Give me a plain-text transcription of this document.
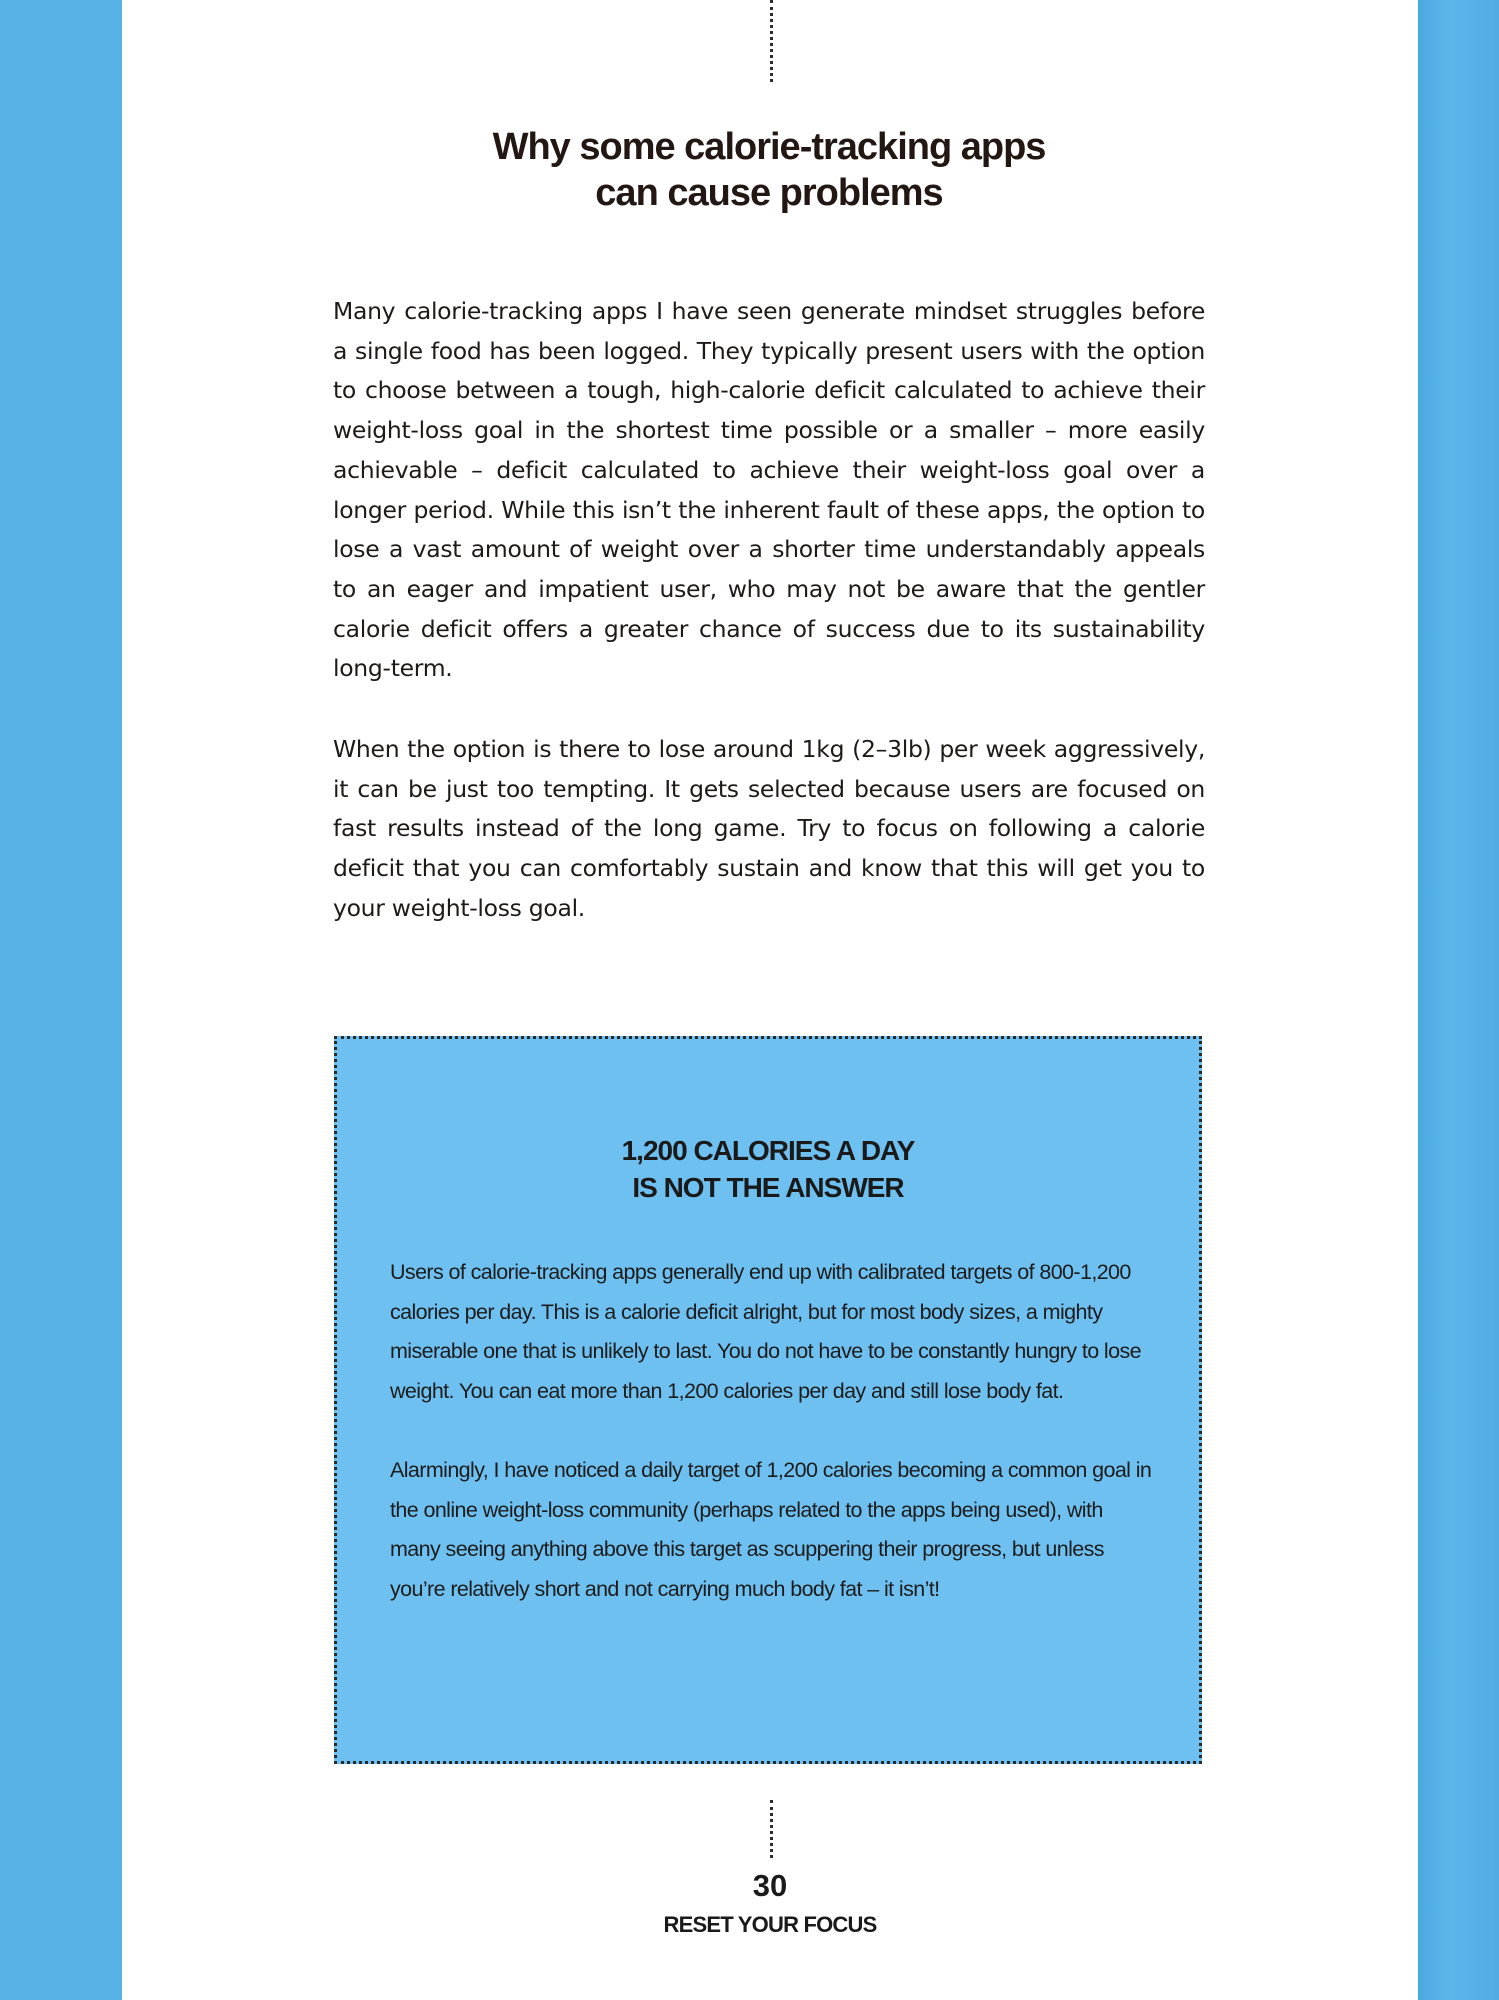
Why some calorie-tracking apps
can cause problems

Many calorie-tracking apps I have seen generate mindset struggles before a single food has been logged. They typically present users with the option to choose between a tough, high-calorie deficit calculated to achieve their weight-loss goal in the shortest time possible or a smaller – more easily achievable – deficit calculated to achieve their weight-loss goal over a longer period. While this isn’t the inherent fault of these apps, the option to lose a vast amount of weight over a shorter time understandably appeals to an eager and impatient user, who may not be aware that the gentler calorie deficit offers a greater chance of success due to its sustainability long-term.

When the option is there to lose around 1kg (2–3lb) per week aggressively, it can be just too tempting. It gets selected because users are focused on fast results instead of the long game. Try to focus on following a calorie deficit that you can comfortably sustain and know that this will get you to your weight-loss goal.

1,200 CALORIES A DAY
IS NOT THE ANSWER

Users of calorie-tracking apps generally end up with calibrated targets of 800-1,200 calories per day. This is a calorie deficit alright, but for most body sizes, a mighty miserable one that is unlikely to last. You do not have to be constantly hungry to lose weight. You can eat more than 1,200 calories per day and still lose body fat.

Alarmingly, I have noticed a daily target of 1,200 calories becoming a common goal in the online weight-loss community (perhaps related to the apps being used), with many seeing anything above this target as scuppering their progress, but unless you’re relatively short and not carrying much body fat – it isn’t!

30

RESET YOUR FOCUS
